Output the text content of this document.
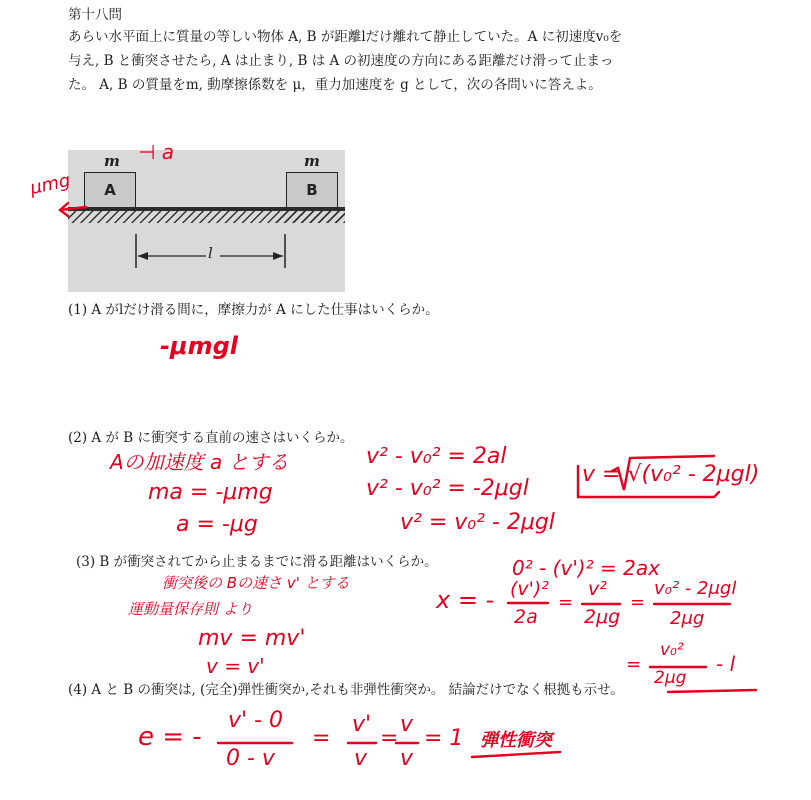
第十八問
あらい水平面上に質量の等しい物体 A, B が距離lだけ離れて静止していた。A に初速度v₀を
与え, B と衝突させたら, A は止まり, B は A の初速度の方向にある距離だけ滑って止まっ
た。 A, B の質量をm, 動摩擦係数を μ，重力加速度を g として，次の各問いに答えよ。
m	m
A	B
l
(1) A がlだけ滑る間に，摩擦力が A にした仕事はいくらか。
(2) A が B に衝突する直前の速さはいくらか。
(3) B が衝突されてから止まるまでに滑る距離はいくらか。
(4) A と B の衝突は, (完全)弾性衝突か,それも非弾性衝突か。 結論だけでなく根拠も示せ。
⊣ a
μmg
-μmgl
Aの加速度 a とする
ma = -μmg
a = -μg
v² - v₀² = 2al
v² - v₀² = -2μgl
v² = v₀² - 2μgl
v = √(v₀² - 2μgl)
衝突後の Bの速さ v' とする
運動量保存則 より
mv = mv'
v = v'
0² - (v')² = 2ax
x = - (v')²
2a
=
v²
2μg
=
v₀² - 2μgl
2μg
=
v₀²
2μg
- l
e = -
v' - 0
0 - v
=
v'
v
=
v
v
= 1 弾性衝突
